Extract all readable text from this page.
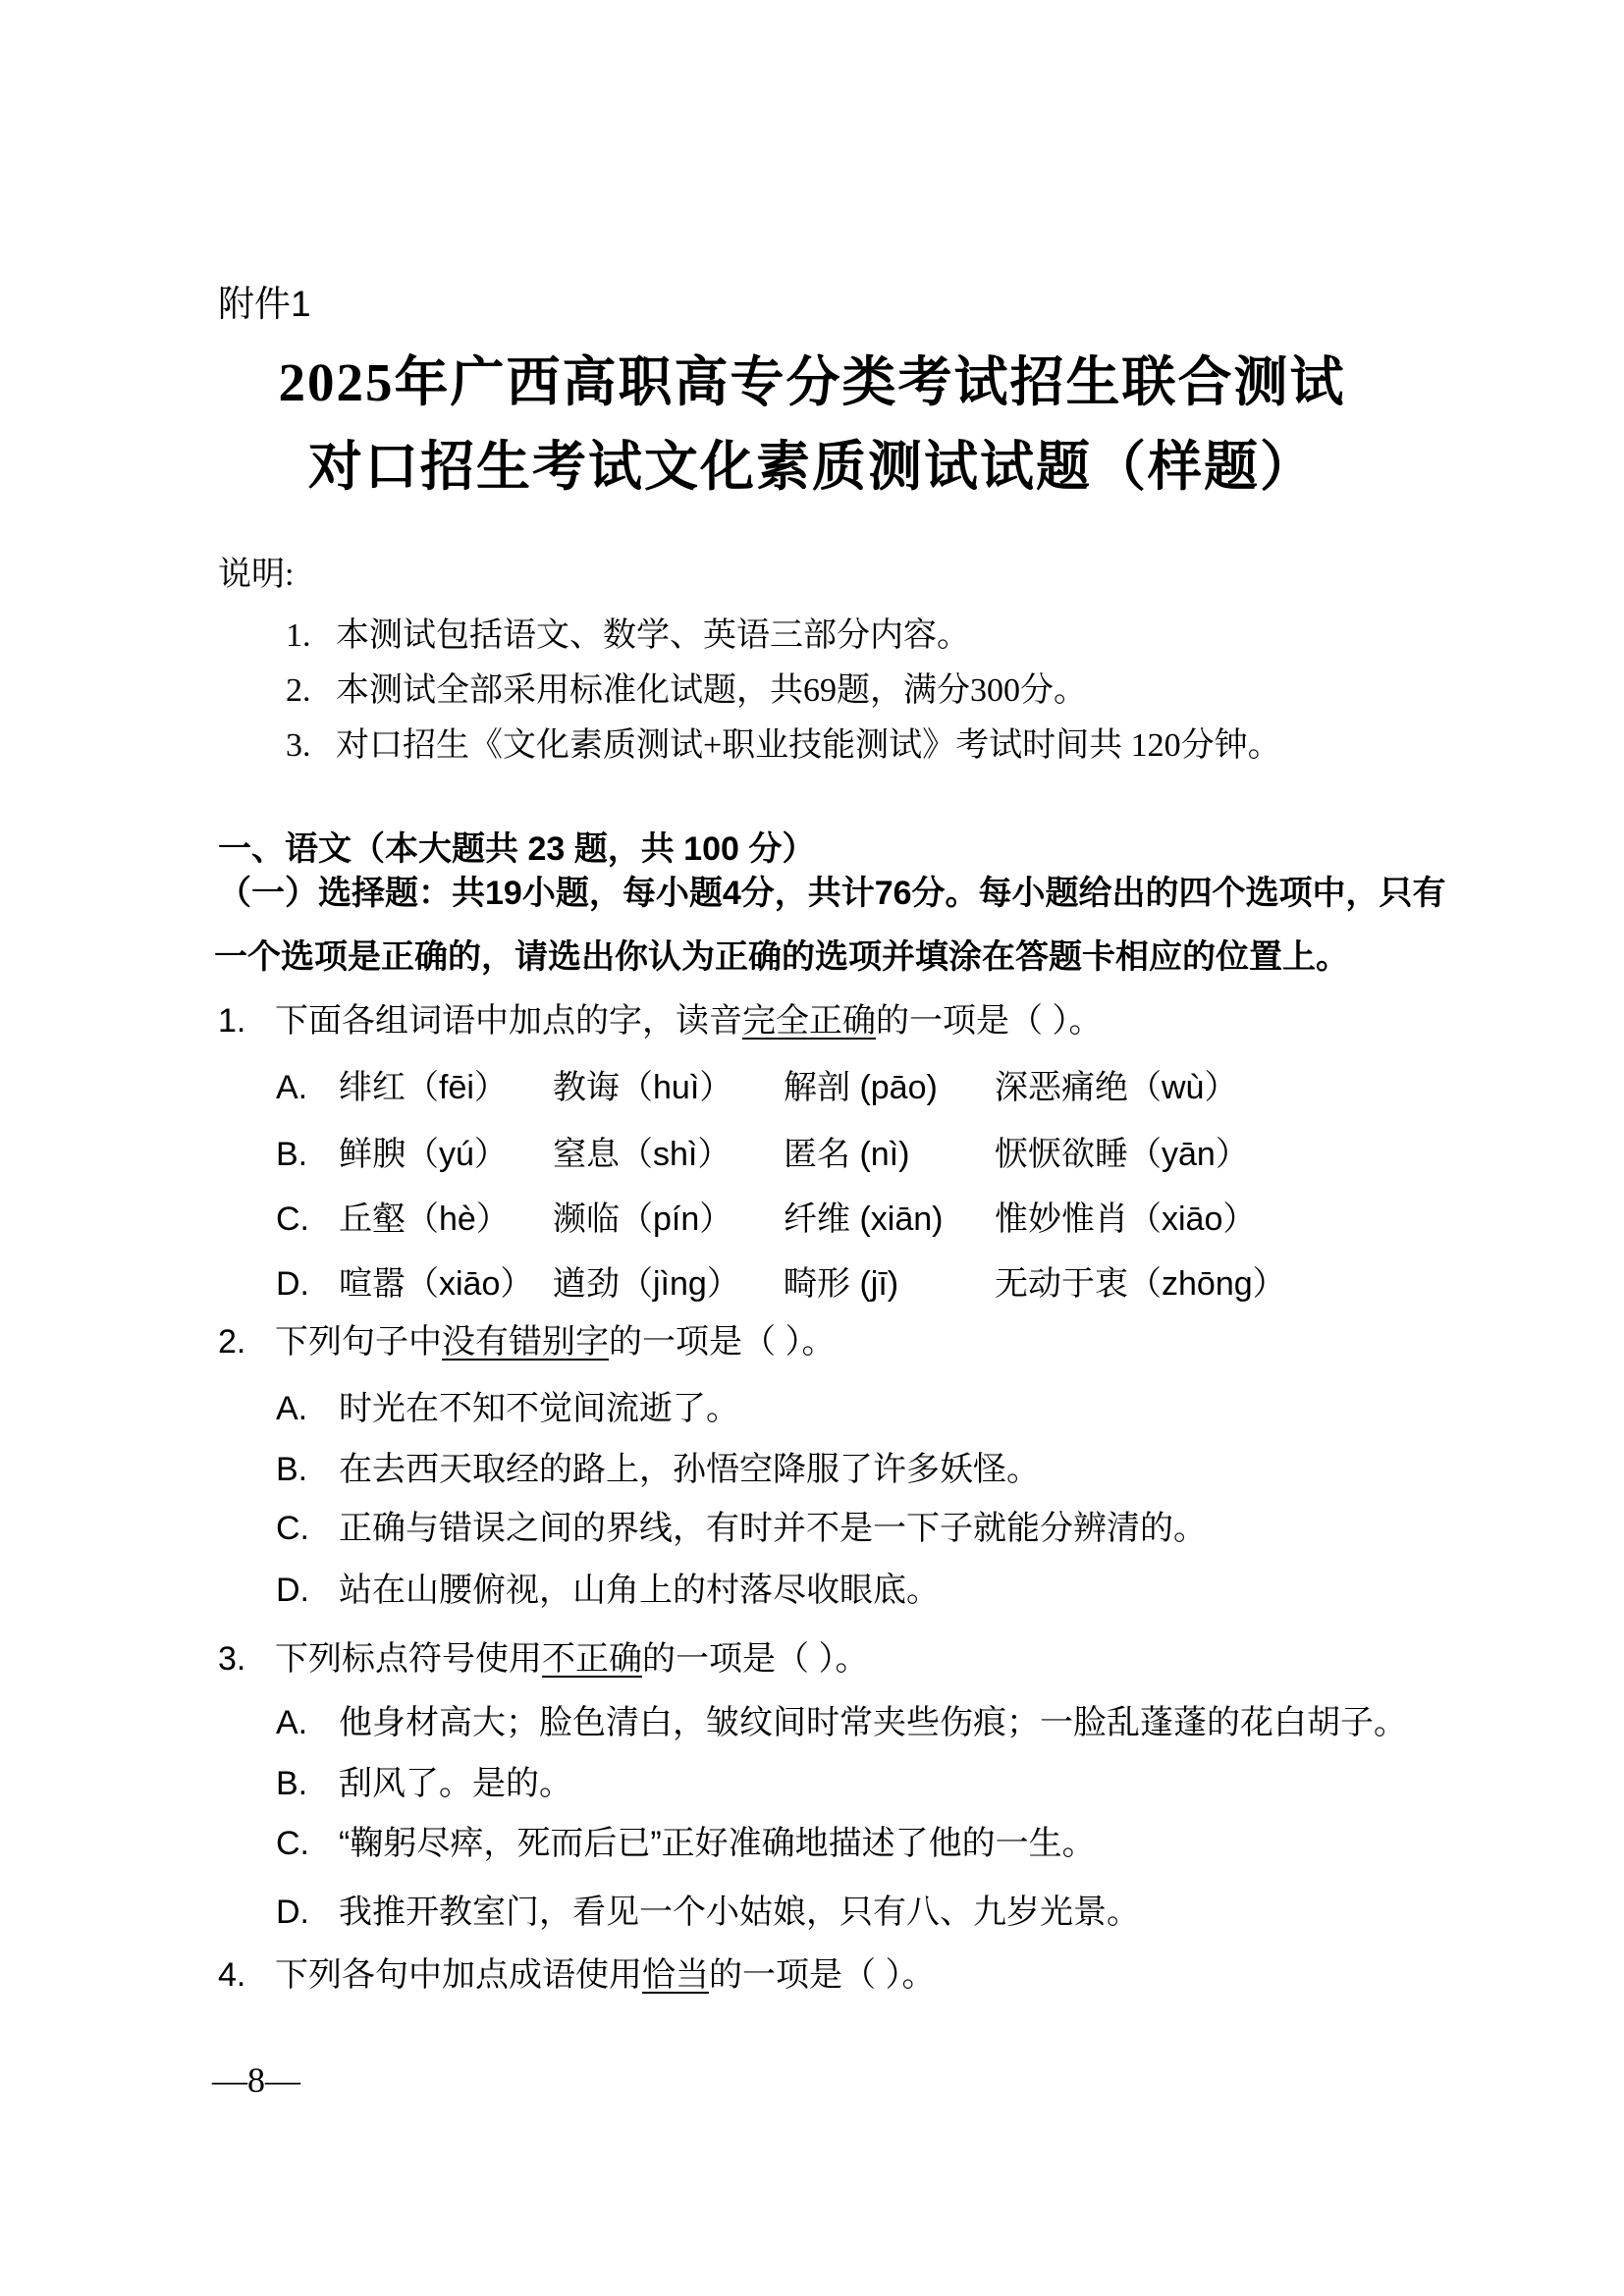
附件1
2025年广西高职高专分类考试招生联合测试
对口招生考试文化素质测试试题（样题）
说明:
1. 本测试包括语文、数学、英语三部分内容。
2. 本测试全部采用标准化试题，共69题，满分300分。
3. 对口招生《文化素质测试+职业技能测试》考试时间共 120分钟。
一、语文（本大题共 23 题，共 100 分）
（一）选择题：共19小题，每小题4分，共计76分。每小题给出的四个选项中，只有
一个选项是正确的，请选出你认为正确的选项并填涂在答题卡相应的位置上。
1. 下面各组词语中加点的字，读音完全正确的一项是（ ）。
A. 绯红（fēi） 教诲（huì） 解剖 (pāo) 深恶痛绝（wù）
B. 鲜腴（yú） 窒息（shì） 匿名 (nì)	恹恹欲睡（yān）
C. 丘壑（hè） 濒临（pín） 纤维 (xiān) 惟妙惟肖（xiāo）
D. 喧嚣（xiāo） 遒劲（jìng） 畸形 (jī)	无动于衷（zhōng）
2. 下列句子中没有错别字的一项是（ ）。
A. 时光在不知不觉间流逝了。
B. 在去西天取经的路上，孙悟空降服了许多妖怪。
C. 正确与错误之间的界线，有时并不是一下子就能分辨清的。
D. 站在山腰俯视，山角上的村落尽收眼底。
3. 下列标点符号使用不正确的一项是（ ）。
A. 他身材高大；脸色清白，皱纹间时常夹些伤痕；一脸乱蓬蓬的花白胡子。
B. 刮风了。是的。
C. “鞠躬尽瘁，死而后已”正好准确地描述了他的一生。
D. 我推开教室门，看见一个小姑娘，只有八、九岁光景。
4. 下列各句中加点成语使用恰当的一项是（ ）。
—8—
